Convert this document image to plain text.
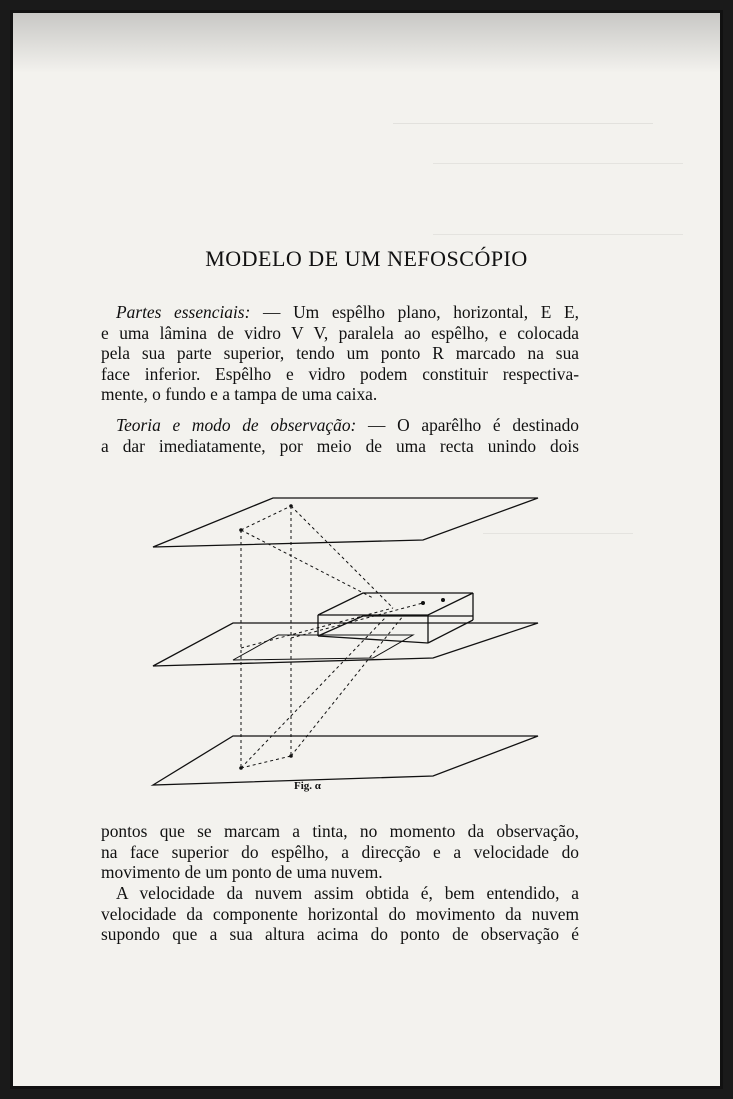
MODELO DE UM NEFOSCÓPIO
Partes essenciais: — Um espêlho plano, horizontal, E E,
e uma lâmina de vidro V V, paralela ao espêlho, e colocada
pela sua parte superior, tendo um ponto R marcado na sua
face inferior. Espêlho e vidro podem constituir respectiva-
mente, o fundo e a tampa de uma caixa.
Teoria e modo de observação: — O aparêlho é destinado
a dar imediatamente, por meio de uma recta unindo dois
Fig. α
pontos que se marcam a tinta, no momento da observação,
na face superior do espêlho, a direcção e a velocidade do
movimento de um ponto de uma nuvem.
A velocidade da nuvem assim obtida é, bem entendido, a
velocidade da componente horizontal do movimento da nuvem
supondo que a sua altura acima do ponto de observação é
